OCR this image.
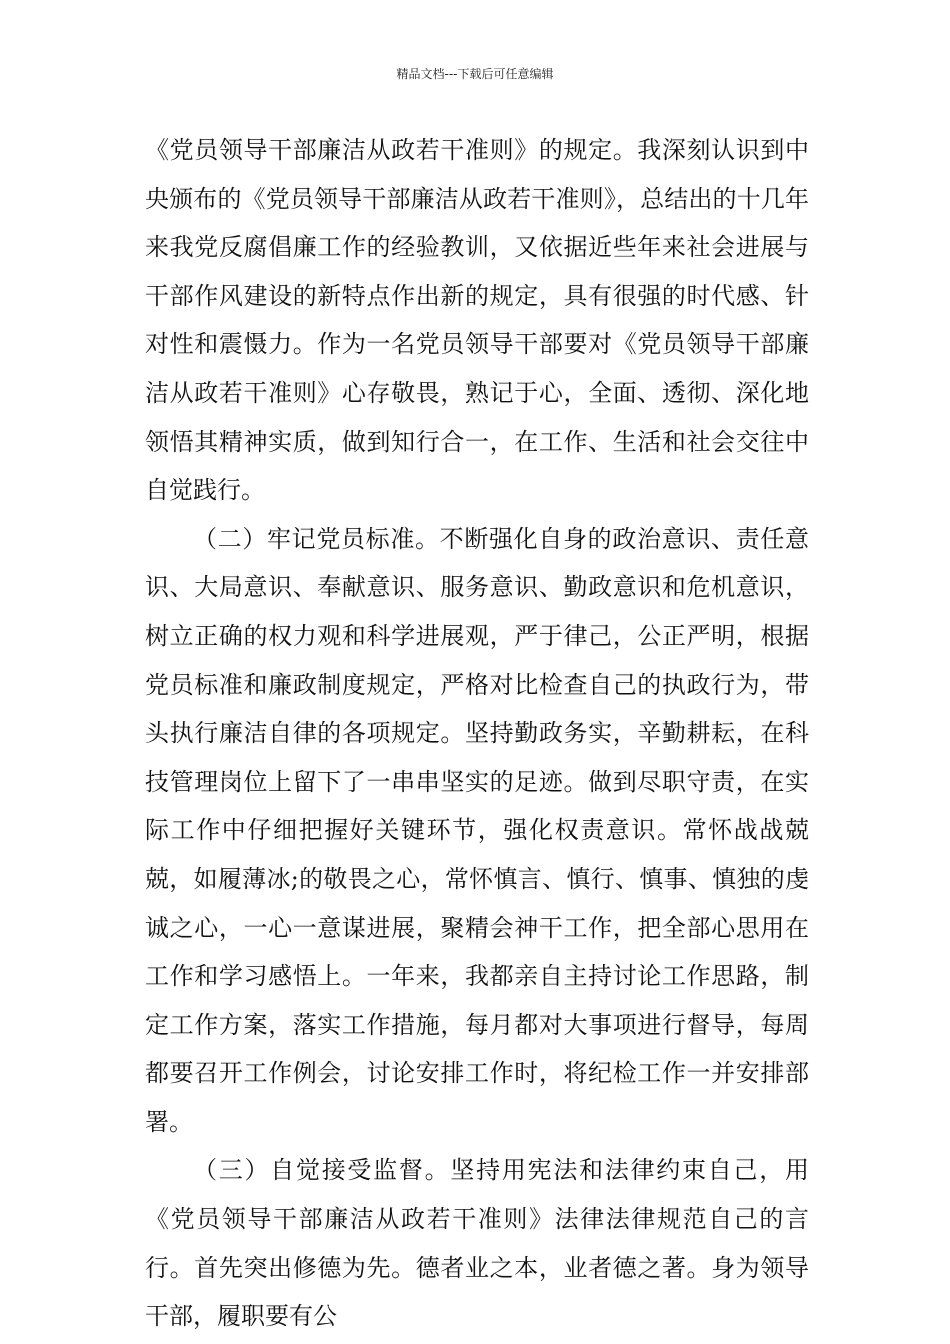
精品文档---下载后可任意编辑

《党员领导干部廉洁从政若干准则》的规定。我深刻认识到中央颁布的《党员领导干部廉洁从政若干准则》，总结出的十几年来我党反腐倡廉工作的经验教训，又依据近些年来社会进展与干部作风建设的新特点作出新的规定，具有很强的时代感、针对性和震慑力。作为一名党员领导干部要对《党员领导干部廉洁从政若干准则》心存敬畏，熟记于心，全面、透彻、深化地领悟其精神实质，做到知行合一，在工作、生活和社会交往中自觉践行。

（二）牢记党员标准。不断强化自身的政治意识、责任意识、大局意识、奉献意识、服务意识、勤政意识和危机意识，树立正确的权力观和科学进展观，严于律己，公正严明，根据党员标准和廉政制度规定，严格对比检查自己的执政行为，带头执行廉洁自律的各项规定。坚持勤政务实，辛勤耕耘，在科技管理岗位上留下了一串串坚实的足迹。做到尽职守责，在实际工作中仔细把握好关键环节，强化权责意识。常怀战战兢兢，如履薄冰;的敬畏之心，常怀慎言、慎行、慎事、慎独的虔诚之心，一心一意谋进展，聚精会神干工作，把全部心思用在工作和学习感悟上。一年来，我都亲自主持讨论工作思路，制定工作方案，落实工作措施，每月都对大事项进行督导，每周都要召开工作例会，讨论安排工作时，将纪检工作一并安排部署。

（三）自觉接受监督。坚持用宪法和法律约束自己，用《党员领导干部廉洁从政若干准则》法律法律规范自己的言行。首先突出修德为先。德者业之本，业者德之著。身为领导干部，履职要有公
